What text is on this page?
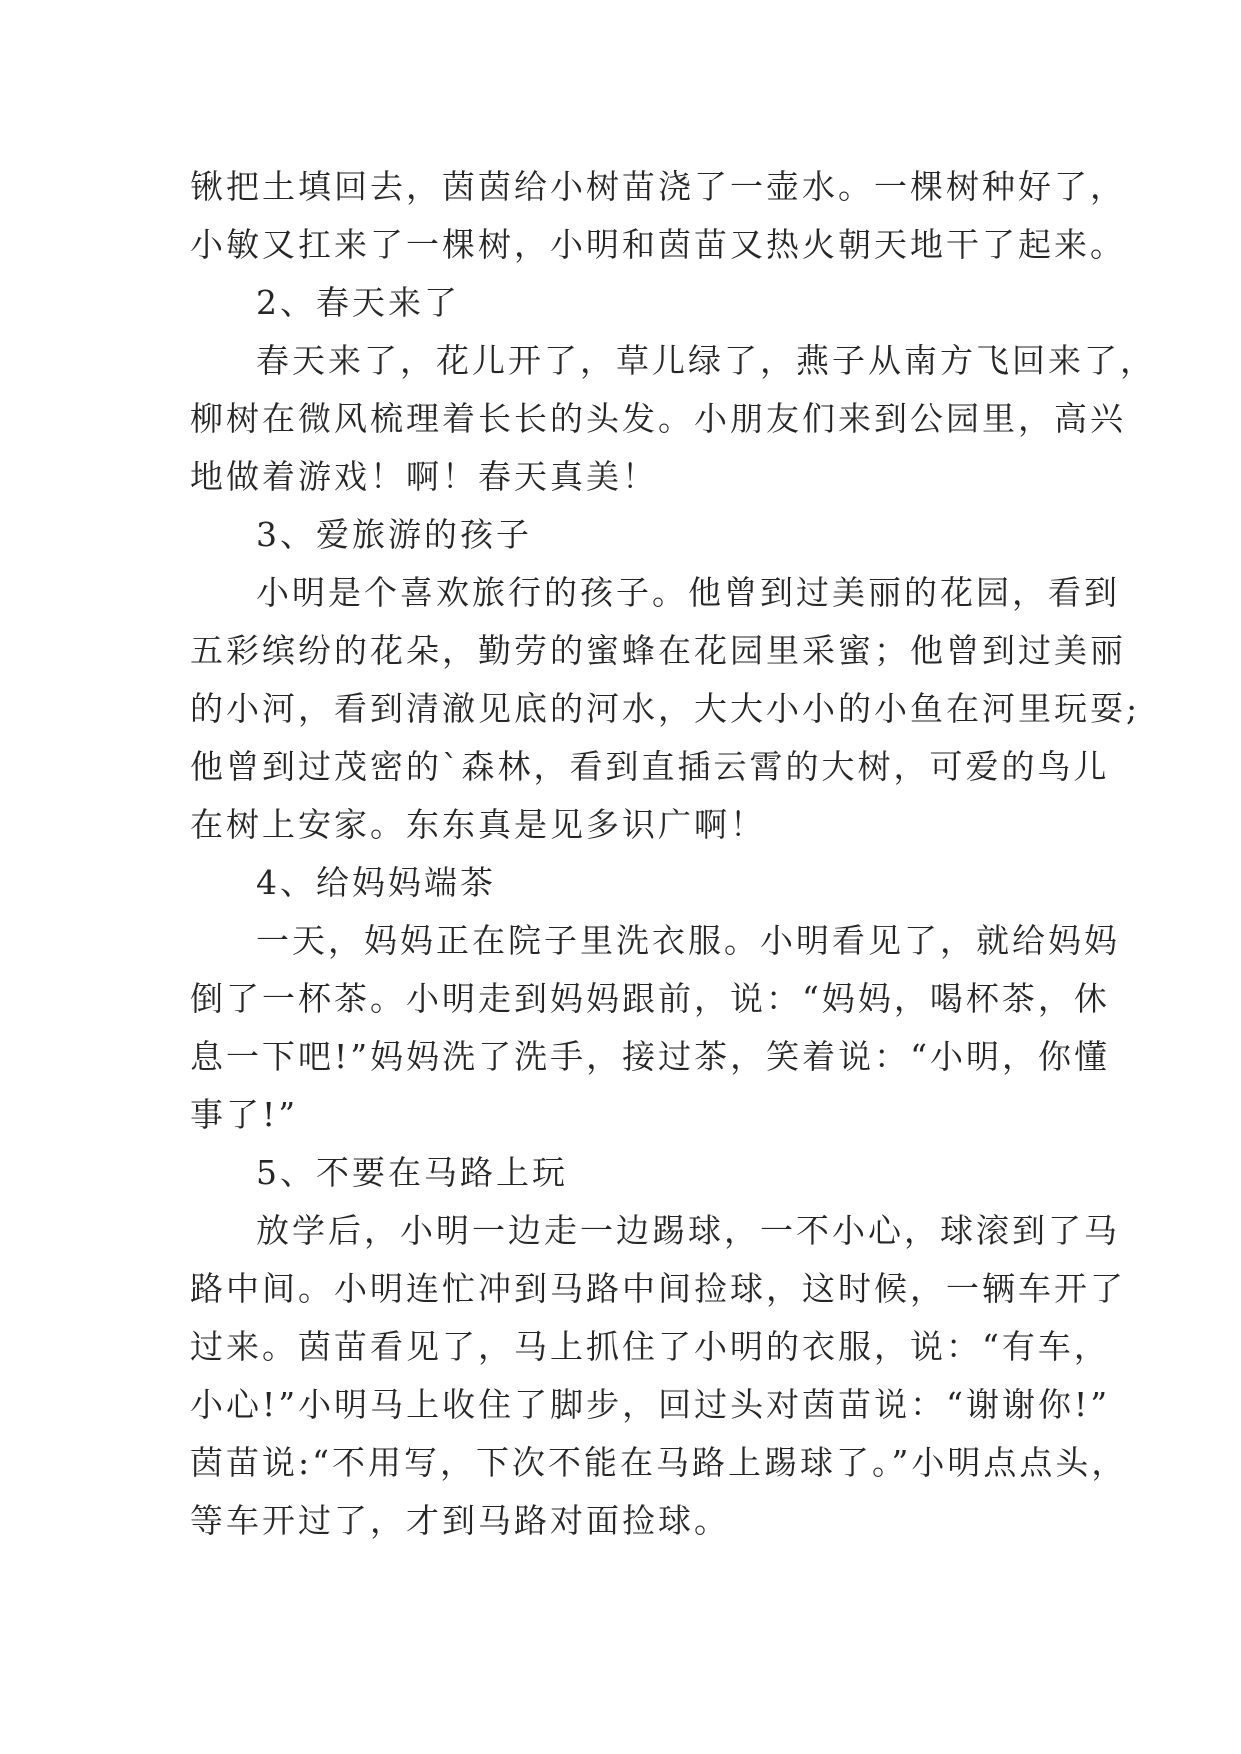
锹把土填回去，茵茵给小树苗浇了一壶水。一棵树种好了，
小敏又扛来了一棵树，小明和茵苗又热火朝天地干了起来。
2、春天来了
春天来了，花儿开了，草儿绿了，燕子从南方飞回来了，
柳树在微风梳理着长长的头发。小朋友们来到公园里，高兴
地做着游戏！啊！春天真美！
3、爱旅游的孩子
小明是个喜欢旅行的孩子。他曾到过美丽的花园，看到
五彩缤纷的花朵，勤劳的蜜蜂在花园里采蜜；他曾到过美丽
的小河，看到清澈见底的河水，大大小小的小鱼在河里玩耍;
他曾到过茂密的`森林，看到直插云霄的大树，可爱的鸟儿
在树上安家。东东真是见多识广啊！
4、给妈妈端茶
一天，妈妈正在院子里洗衣服。小明看见了，就给妈妈
倒了一杯茶。小明走到妈妈跟前，说：“妈妈，喝杯茶，休
息一下吧!”妈妈洗了洗手，接过茶，笑着说：“小明，你懂
事了!”
5、不要在马路上玩
放学后，小明一边走一边踢球，一不小心，球滚到了马
路中间。小明连忙冲到马路中间捡球，这时候，一辆车开了
过来。茵苗看见了，马上抓住了小明的衣服，说：“有车，
小心!”小明马上收住了脚步，回过头对茵苗说：“谢谢你!”
茵苗说:“不用写，下次不能在马路上踢球了。”小明点点头，
等车开过了，才到马路对面捡球。
